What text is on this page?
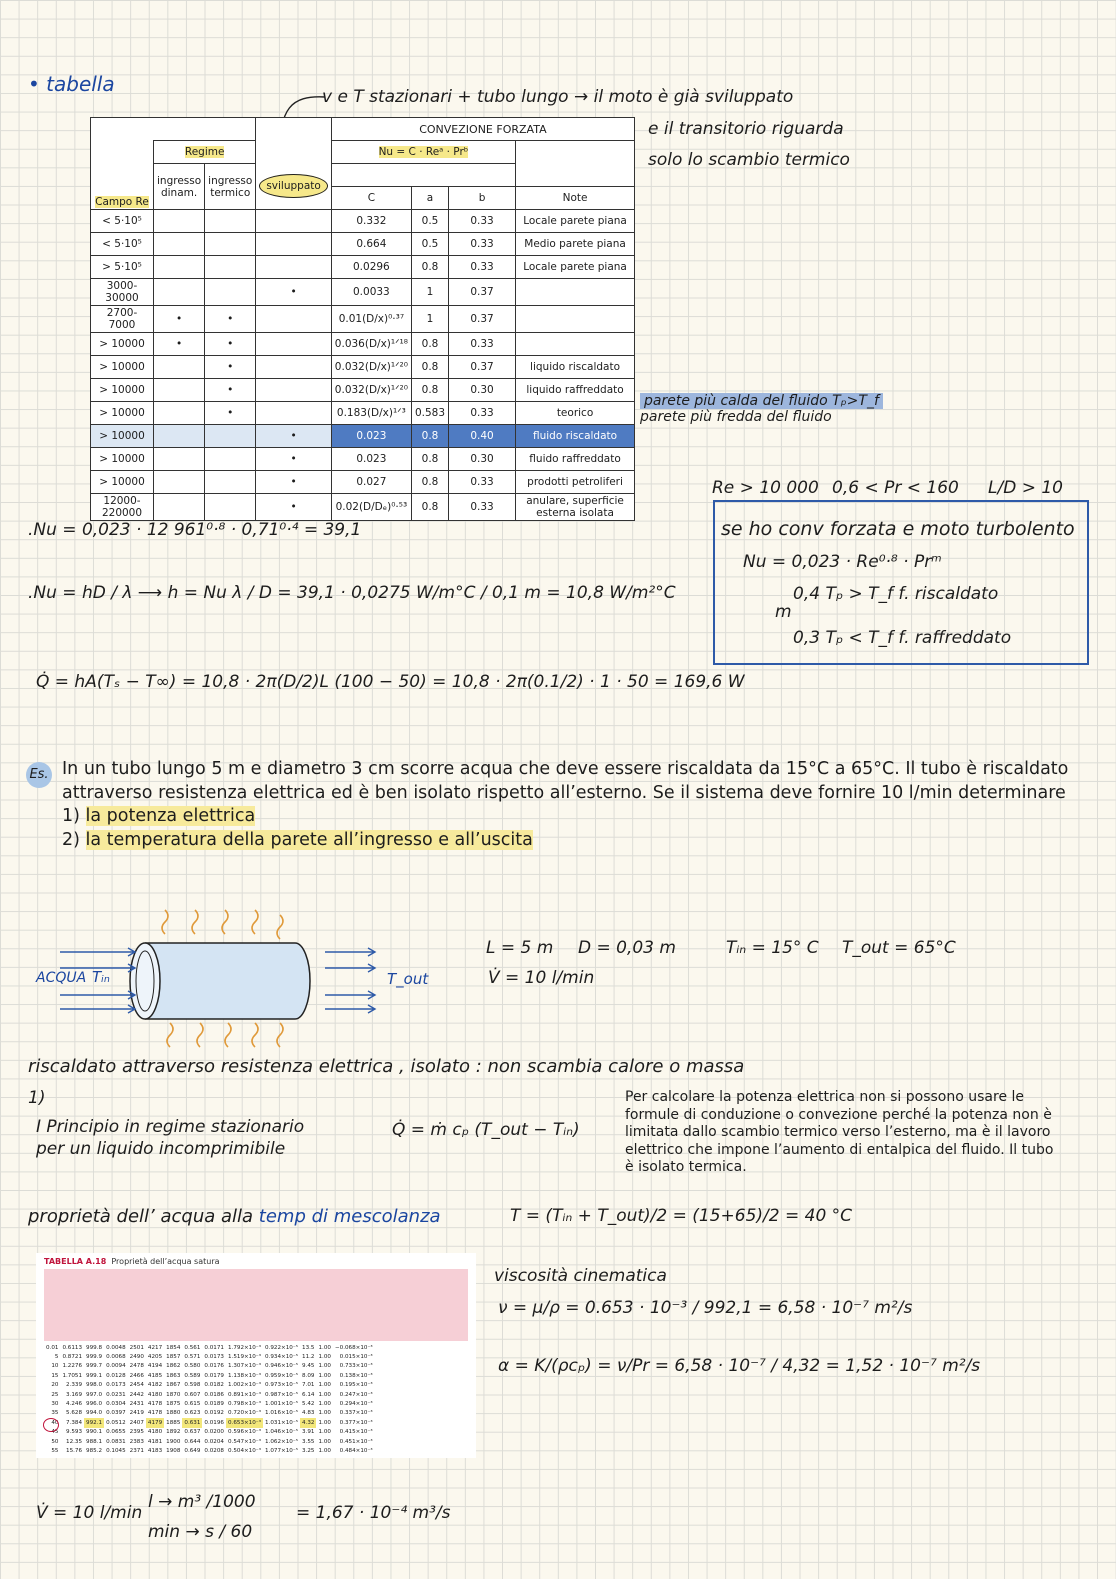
• tabella
v e T stazionari + tubo lungo → il moto è già sviluppato
e il transitorio riguarda
solo lo scambio termico
				CONVEZIONE FORZATA			
	Regime			Nu = C · Reᵃ · Prᵇ			
Campo Re	ingresso dinam.	ingresso termico	sviluppato				
				C	a	b	Note
< 5·10⁵				0.332	0.5	0.33	Locale parete piana
< 5·10⁵				0.664	0.5	0.33	Medio parete piana
> 5·10⁵				0.0296	0.8	0.33	Locale parete piana
3000-30000			•	0.0033	1	0.37	
2700-7000	•	•		0.01(D/x)⁰·³⁷	1	0.37	
> 10000	•	•		0.036(D/x)¹ᐟ¹⁸	0.8	0.33	
> 10000		•		0.032(D/x)¹ᐟ²⁰	0.8	0.37	liquido riscaldato
> 10000		•		0.032(D/x)¹ᐟ²⁰	0.8	0.30	liquido raffreddato
> 10000		•		0.183(D/x)¹ᐟ³	0.583	0.33	teorico
> 10000			•	0.023	0.8	0.40	fluido riscaldato
> 10000			•	0.023	0.8	0.30	fluido raffreddato
> 10000			•	0.027	0.8	0.33	prodotti petroliferi
12000-220000			•	0.02(D/Dₑ)⁰·⁵³	0.8	0.33	anulare, superficie esterna isolata
parete più calda del fluido Tₚ>T_f
parete più fredda del fluido
Re > 10 000 0,6 < Pr < 160 L/D > 10
se ho conv forzata e moto turbolento
Nu = 0,023 · Re⁰·⁸ · Prᵐ
m
0,4 Tₚ > T_f f. riscaldato
0,3 Tₚ < T_f f. raffreddato
.Nu = 0,023 · 12 961⁰·⁸ · 0,71⁰·⁴ = 39,1
.Nu = hD / λ ⟶ h = Nu λ / D = 39,1 · 0,0275 W/m°C / 0,1 m = 10,8 W/m²°C
Q̇ = hA(Tₛ − T∞) = 10,8 · 2π(D/2)L (100 − 50) = 10,8 · 2π(0.1/2) · 1 · 50 = 169,6 W
Es. In un tubo lungo 5 m e diametro 3 cm scorre acqua che deve essere riscaldata da 15°C a 65°C. Il tubo è riscaldato attraverso resistenza elettrica ed è ben isolato rispetto all’esterno. Se il sistema deve fornire 10 l/min determinare
1) la potenza elettrica
2) la temperatura della parete all’ingresso e all’uscita
ACQUA Tᵢₙ	T_out
L = 5 m D = 0,03 m	Tᵢₙ = 15° C T_out = 65°C
V̇ = 10 l/min
riscaldato attraverso resistenza elettrica , isolato : non scambia calore o massa
1)
I Principio in regime stazionario
per un liquido incomprimibile
Q̇ = ṁ cₚ (T_out − Tᵢₙ)
Per calcolare la potenza elettrica non si possono usare le formule di conduzione o convezione perché la potenza non è limitata dallo scambio termico verso l’esterno, ma è il lavoro elettrico che impone l’aumento di entalpica del fluido. Il tubo è isolato termica.
proprietà dell’ acqua alla temp di mescolanza	T = (Tᵢₙ + T_out)/2 = (15+65)/2 = 40 °C
TABELLA A.18 Proprietà dell’acqua satura
0.01	0.6113	999.8	0.0048	2501	4217	1854	0.561	0.0171	1.792×10⁻³	0.922×10⁻⁵	13.5	1.00	−0.068×10⁻³
5	0.8721	999.9	0.0068	2490	4205	1857	0.571	0.0173	1.519×10⁻³	0.934×10⁻⁵	11.2	1.00	0.015×10⁻³
10	1.2276	999.7	0.0094	2478	4194	1862	0.580	0.0176	1.307×10⁻³	0.946×10⁻⁵	9.45	1.00	0.733×10⁻³
15	1.7051	999.1	0.0128	2466	4185	1863	0.589	0.0179	1.138×10⁻³	0.959×10⁻⁵	8.09	1.00	0.138×10⁻³
20	2.339	998.0	0.0173	2454	4182	1867	0.598	0.0182	1.002×10⁻³	0.973×10⁻⁵	7.01	1.00	0.195×10⁻³
25	3.169	997.0	0.0231	2442	4180	1870	0.607	0.0186	0.891×10⁻³	0.987×10⁻⁵	6.14	1.00	0.247×10⁻³
30	4.246	996.0	0.0304	2431	4178	1875	0.615	0.0189	0.798×10⁻³	1.001×10⁻⁵	5.42	1.00	0.294×10⁻³
35	5.628	994.0	0.0397	2419	4178	1880	0.623	0.0192	0.720×10⁻³	1.016×10⁻⁵	4.83	1.00	0.337×10⁻³
40	7.384	992.1	0.0512	2407	4179	1885	0.631	0.0196	0.653×10⁻³	1.031×10⁻⁵	4.32	1.00	0.377×10⁻³
45	9.593	990.1	0.0655	2395	4180	1892	0.637	0.0200	0.596×10⁻³	1.046×10⁻⁵	3.91	1.00	0.415×10⁻³
50	12.35	988.1	0.0831	2383	4181	1900	0.644	0.0204	0.547×10⁻³	1.062×10⁻⁵	3.55	1.00	0.451×10⁻³
55	15.76	985.2	0.1045	2371	4183	1908	0.649	0.0208	0.504×10⁻³	1.077×10⁻⁵	3.25	1.00	0.484×10⁻³
viscosità cinematica
ν = μ/ρ = 0.653 · 10⁻³ / 992,1 = 6,58 · 10⁻⁷ m²/s
α = K/(ρcₚ) = ν/Pr = 6,58 · 10⁻⁷ / 4,32 = 1,52 · 10⁻⁷ m²/s
V̇ = 10 l/min
l → m³ /1000
min → s / 60
= 1,67 · 10⁻⁴ m³/s
